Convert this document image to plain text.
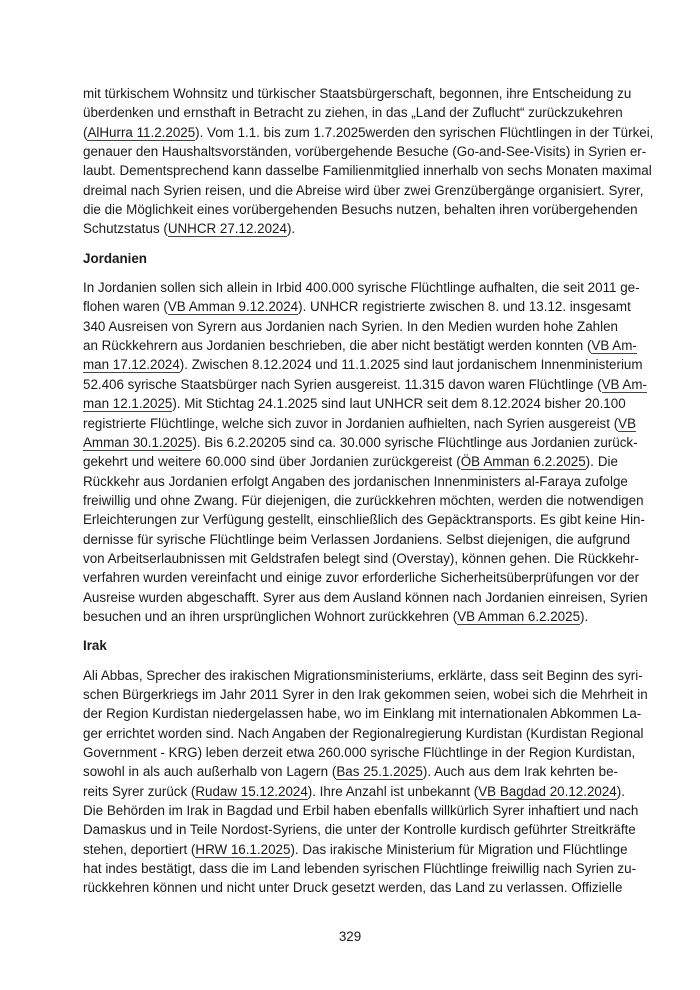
mit türkischem Wohnsitz und türkischer Staatsbürgerschaft, begonnen, ihre Entscheidung zu
überdenken und ernsthaft in Betracht zu ziehen, in das „Land der Zuflucht“ zurückzukehren
(AlHurra 11.2.2025). Vom 1.1. bis zum 1.7.2025werden den syrischen Flüchtlingen in der Türkei,
genauer den Haushaltsvorständen, vorübergehende Besuche (Go-and-See-Visits) in Syrien er-
laubt. Dementsprechend kann dasselbe Familienmitglied innerhalb von sechs Monaten maximal
dreimal nach Syrien reisen, und die Abreise wird über zwei Grenzübergänge organisiert. Syrer,
die die Möglichkeit eines vorübergehenden Besuchs nutzen, behalten ihren vorübergehenden
Schutzstatus (UNHCR 27.12.2024).
Jordanien
In Jordanien sollen sich allein in Irbid 400.000 syrische Flüchtlinge aufhalten, die seit 2011 ge-
flohen waren (VB Amman 9.12.2024). UNHCR registrierte zwischen 8. und 13.12. insgesamt
340 Ausreisen von Syrern aus Jordanien nach Syrien. In den Medien wurden hohe Zahlen
an Rückkehrern aus Jordanien beschrieben, die aber nicht bestätigt werden konnten (VB Am-
man 17.12.2024). Zwischen 8.12.2024 und 11.1.2025 sind laut jordanischem Innenministerium
52.406 syrische Staatsbürger nach Syrien ausgereist. 11.315 davon waren Flüchtlinge (VB Am-
man 12.1.2025). Mit Stichtag 24.1.2025 sind laut UNHCR seit dem 8.12.2024 bisher 20.100
registrierte Flüchtlinge, welche sich zuvor in Jordanien aufhielten, nach Syrien ausgereist (VB
Amman 30.1.2025). Bis 6.2.20205 sind ca. 30.000 syrische Flüchtlinge aus Jordanien zurück-
gekehrt und weitere 60.000 sind über Jordanien zurückgereist (ÖB Amman 6.2.2025). Die
Rückkehr aus Jordanien erfolgt Angaben des jordanischen Innenministers al-Faraya zufolge
freiwillig und ohne Zwang. Für diejenigen, die zurückkehren möchten, werden die notwendigen
Erleichterungen zur Verfügung gestellt, einschließlich des Gepäcktransports. Es gibt keine Hin-
dernisse für syrische Flüchtlinge beim Verlassen Jordaniens. Selbst diejenigen, die aufgrund
von Arbeitserlaubnissen mit Geldstrafen belegt sind (Overstay), können gehen. Die Rückkehr-
verfahren wurden vereinfacht und einige zuvor erforderliche Sicherheitsüberprüfungen vor der
Ausreise wurden abgeschafft. Syrer aus dem Ausland können nach Jordanien einreisen, Syrien
besuchen und an ihren ursprünglichen Wohnort zurückkehren (VB Amman 6.2.2025).
Irak
Ali Abbas, Sprecher des irakischen Migrationsministeriums, erklärte, dass seit Beginn des syri-
schen Bürgerkriegs im Jahr 2011 Syrer in den Irak gekommen seien, wobei sich die Mehrheit in
der Region Kurdistan niedergelassen habe, wo im Einklang mit internationalen Abkommen La-
ger errichtet worden sind. Nach Angaben der Regionalregierung Kurdistan (Kurdistan Regional
Government - KRG) leben derzeit etwa 260.000 syrische Flüchtlinge in der Region Kurdistan,
sowohl in als auch außerhalb von Lagern (Bas 25.1.2025). Auch aus dem Irak kehrten be-
reits Syrer zurück (Rudaw 15.12.2024). Ihre Anzahl ist unbekannt (VB Bagdad 20.12.2024).
Die Behörden im Irak in Bagdad und Erbil haben ebenfalls willkürlich Syrer inhaftiert und nach
Damaskus und in Teile Nordost-Syriens, die unter der Kontrolle kurdisch geführter Streitkräfte
stehen, deportiert (HRW 16.1.2025). Das irakische Ministerium für Migration und Flüchtlinge
hat indes bestätigt, dass die im Land lebenden syrischen Flüchtlinge freiwillig nach Syrien zu-
rückkehren können und nicht unter Druck gesetzt werden, das Land zu verlassen. Offizielle
329
